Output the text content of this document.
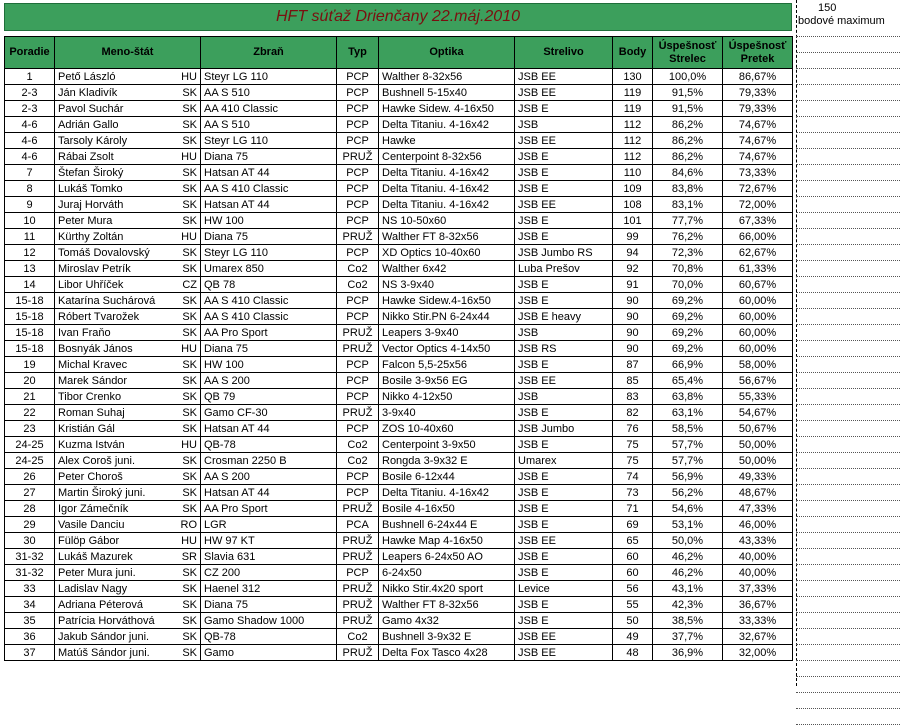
HFT súťaž Drienčany 22.máj.2010	150
bodové maximum
Poradie	Meno-štát	Zbraň	Typ	Optika	Strelivo	Body	Úspešnosť Strelec	Úspešnosť Pretek
1	Pető László HU	Steyr LG 110	PCP	Walther 8-32x56	JSB EE	130	100,0%	86,67%
2-3	Ján Kladivík SK	AA S 510	PCP	Bushnell 5-15x40	JSB EE	119	91,5%	79,33%
2-3	Pavol Suchár SK	AA 410 Classic	PCP	Hawke Sidew. 4-16x50	JSB E	119	91,5%	79,33%
4-6	Adrián Gallo SK	AA S 510	PCP	Delta Titaniu. 4-16x42	JSB	112	86,2%	74,67%
4-6	Tarsoly Károly SK	Steyr LG 110	PCP	Hawke	JSB EE	112	86,2%	74,67%
4-6	Rábai Zsolt HU	Diana 75	PRUŽ	Centerpoint 8-32x56	JSB E	112	86,2%	74,67%
7	Štefan Široký SK	Hatsan AT 44	PCP	Delta Titaniu. 4-16x42	JSB E	110	84,6%	73,33%
8	Lukáš Tomko SK	AA S 410 Classic	PCP	Delta Titaniu. 4-16x42	JSB E	109	83,8%	72,67%
9	Juraj Horváth SK	Hatsan AT 44	PCP	Delta Titaniu. 4-16x42	JSB EE	108	83,1%	72,00%
10	Peter Mura SK	HW 100	PCP	NS 10-50x60	JSB E	101	77,7%	67,33%
11	Kürthy Zoltán HU	Diana 75	PRUŽ	Walther FT 8-32x56	JSB E	99	76,2%	66,00%
12	Tomáš Dovalovský SK	Steyr LG 110	PCP	XD Optics 10-40x60	JSB Jumbo RS	94	72,3%	62,67%
13	Miroslav Petrík SK	Umarex 850	Co2	Walther 6x42	Luba Prešov	92	70,8%	61,33%
14	Libor Uhříček CZ	QB 78	Co2	NS 3-9x40	JSB E	91	70,0%	60,67%
15-18	Katarína Suchárová SK	AA S 410 Classic	PCP	Hawke Sidew.4-16x50	JSB E	90	69,2%	60,00%
15-18	Róbert Tvarožek SK	AA S 410 Classic	PCP	Nikko Stir.PN 6-24x44	JSB E heavy	90	69,2%	60,00%
15-18	Ivan Fraňo SK	AA Pro Sport	PRUŽ	Leapers 3-9x40	JSB	90	69,2%	60,00%
15-18	Bosnyák János HU	Diana 75	PRUŽ	Vector Optics 4-14x50	JSB RS	90	69,2%	60,00%
19	Michal Kravec SK	HW 100	PCP	Falcon 5,5-25x56	JSB E	87	66,9%	58,00%
20	Marek Sándor SK	AA S 200	PCP	Bosile 3-9x56 EG	JSB EE	85	65,4%	56,67%
21	Tibor Crenko SK	QB 79	PCP	Nikko 4-12x50	JSB	83	63,8%	55,33%
22	Roman Suhaj SK	Gamo CF-30	PRUŽ	3-9x40	JSB E	82	63,1%	54,67%
23	Kristián Gál SK	Hatsan AT 44	PCP	ZOS 10-40x60	JSB Jumbo	76	58,5%	50,67%
24-25	Kuzma István HU	QB-78	Co2	Centerpoint 3-9x50	JSB E	75	57,7%	50,00%
24-25	Alex Coroš juni. SK	Crosman 2250 B	Co2	Rongda 3-9x32 E	Umarex	75	57,7%	50,00%
26	Peter Choroš SK	AA S 200	PCP	Bosile 6-12x44	JSB E	74	56,9%	49,33%
27	Martin Široký juni. SK	Hatsan AT 44	PCP	Delta Titaniu. 4-16x42	JSB E	73	56,2%	48,67%
28	Igor Zámečník SK	AA Pro Sport	PRUŽ	Bosile 4-16x50	JSB E	71	54,6%	47,33%
29	Vasile Danciu RO	LGR	PCA	Bushnell 6-24x44 E	JSB E	69	53,1%	46,00%
30	Fülöp Gábor HU	HW 97 KT	PRUŽ	Hawke Map 4-16x50	JSB EE	65	50,0%	43,33%
31-32	Lukáš Mazurek SR	Slavia 631	PRUŽ	Leapers 6-24x50 AO	JSB E	60	46,2%	40,00%
31-32	Peter Mura juni. SK	CZ 200	PCP	6-24x50	JSB E	60	46,2%	40,00%
33	Ladislav Nagy SK	Haenel 312	PRUŽ	Nikko Stir.4x20 sport	Levice	56	43,1%	37,33%
34	Adriana Péterová SK	Diana 75	PRUŽ	Walther FT 8-32x56	JSB E	55	42,3%	36,67%
35	Patrícia Horváthová SK	Gamo Shadow 1000	PRUŽ	Gamo 4x32	JSB E	50	38,5%	33,33%
36	Jakub Sándor juni. SK	QB-78	Co2	Bushnell 3-9x32 E	JSB EE	49	37,7%	32,67%
37	Matúš Sándor juni. SK	Gamo	PRUŽ	Delta Fox Tasco 4x28	JSB EE	48	36,9%	32,00%
